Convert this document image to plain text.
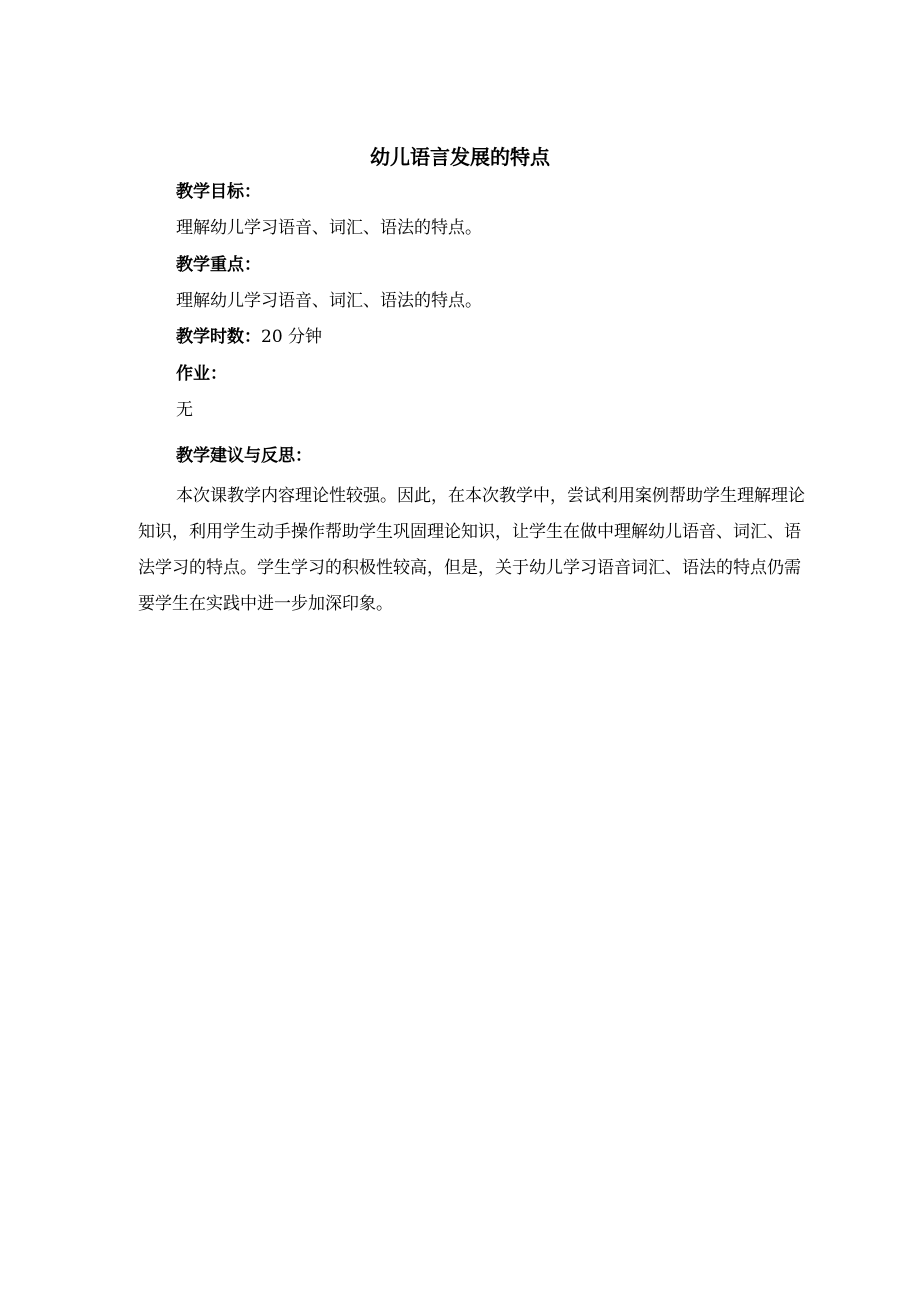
幼儿语言发展的特点
教学目标：
理解幼儿学习语音、词汇、语法的特点。
教学重点：
理解幼儿学习语音、词汇、语法的特点。
教学时数：20 分钟
作业：
无
教学建议与反思：

本次课教学内容理论性较强。因此，在本次教学中，尝试利用案例帮助学生理解理论知识，利用学生动手操作帮助学生巩固理论知识，让学生在做中理解幼儿语音、词汇、语法学习的特点。学生学习的积极性较高，但是，关于幼儿学习语音词汇、语法的特点仍需要学生在实践中进一步加深印象。
